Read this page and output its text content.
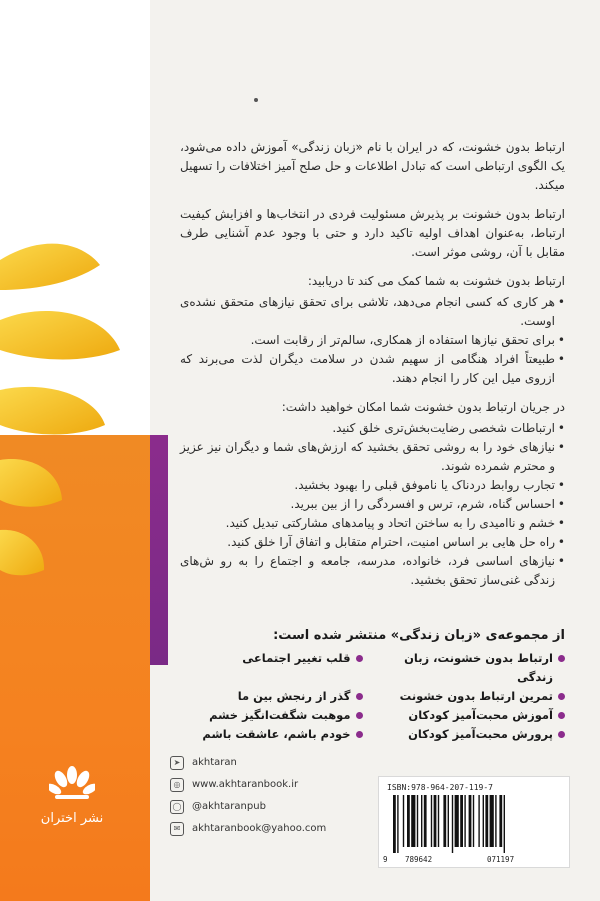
نشر اختران

ارتباط بدون خشونت، که در ایران با نام «زبان زندگی» آموزش داده می‌شود، یک الگوی ارتباطی است که تبادل اطلاعات و حل صلح آمیز اختلافات را تسهیل میکند.

ارتباط بدون خشونت بر پذیرش مسئولیت فردی در انتخاب‌ها و افزایش کیفیت ارتباط، به‌عنوان اهداف اولیه تاکید دارد و حتی با وجود عدم آشنایی طرف مقابل با آن، روشی موثر است.

ارتباط بدون خشونت به شما کمک می کند تا دریابید:

• هر کاری که کسی انجام می‌دهد، تلاشی برای تحقق نیازهای متحقق نشده‌ی اوست.
• برای تحقق نیازها استفاده از همکاری، سالم‌تر از رقابت است.
• طبیعتاً افراد هنگامی از سهیم شدن در سلامت دیگران لذت می‌برند که ازروی میل این کار را انجام دهند.

در جریان ارتباط بدون خشونت شما امکان خواهید داشت:

• ارتباطات شخصی رضایت‌بخش‌تری خلق کنید.
• نیازهای خود را به روشی تحقق بخشید که ارزش‌های شما و دیگران نیز عزیز و محترم شمرده شوند.
• تجارب روابط دردناک یا ناموفق قبلی را بهبود بخشید.
• احساس گناه، شرم، ترس و افسردگی را از بین ببرید.
• خشم و ناامیدی را به ساختن اتحاد و پیامدهای مشارکتی تبدیل کنید.
• راه حل هایی بر اساس امنیت، احترام متقابل و اتفاق آرا خلق کنید.
• نیازهای اساسی فرد، خانواده، مدرسه، جامعه و اجتماع را به رو ش‌های زندگی غنی‌ساز تحقق بخشید.
از مجموعه‌ی «زبان زندگی» منتشر شده است:
ارتباط بدون خشونت، زبان زندگی
قلب تغییر اجتماعی
تمرین ارتباط بدون خشونت
گذر از رنجش بین ما
آموزش محبت‌آمیز کودکان
موهبت شگفت‌انگیز خشم
پرورش محبت‌آمیز کودکان
خودم باشم، عاشقت باشم
➤	akhtaran
◎	www.akhtaranbook.ir
◯ @akhtaranpub
✉	akhtaranbook@yahoo.com
ISBN:978-964-207-119-7
9 789642	071197
